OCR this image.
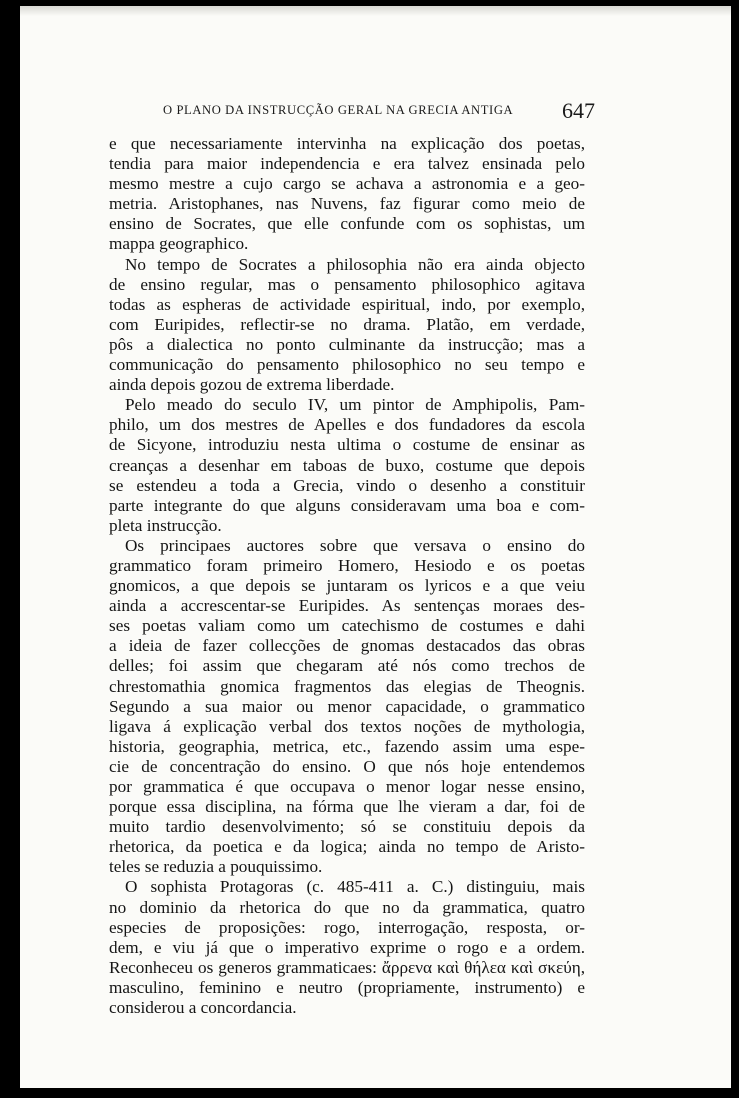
O PLANO DA INSTRUCÇÃO GERAL NA GRECIA ANTIGA 647

e que necessariamente intervinha na explicação dos poetas,
tendia para maior independencia e era talvez ensinada pelo
mesmo mestre a cujo cargo se achava a astronomia e a geo-
metria. Aristophanes, nas Nuvens, faz figurar como meio de
ensino de Socrates, que elle confunde com os sophistas, um
mappa geographico.

No tempo de Socrates a philosophia não era ainda objecto
de ensino regular, mas o pensamento philosophico agitava
todas as espheras de actividade espiritual, indo, por exemplo,
com Euripides, reflectir-se no drama. Platão, em verdade,
pôs a dialectica no ponto culminante da instrucção; mas a
communicação do pensamento philosophico no seu tempo e
ainda depois gozou de extrema liberdade.

Pelo meado do seculo IV, um pintor de Amphipolis, Pam-
philo, um dos mestres de Apelles e dos fundadores da escola
de Sicyone, introduziu nesta ultima o costume de ensinar as
creanças a desenhar em taboas de buxo, costume que depois
se estendeu a toda a Grecia, vindo o desenho a constituir
parte integrante do que alguns consideravam uma boa e com-
pleta instrucção.

Os principaes auctores sobre que versava o ensino do
grammatico foram primeiro Homero, Hesiodo e os poetas
gnomicos, a que depois se juntaram os lyricos e a que veiu
ainda a accrescentar-se Euripides. As sentenças moraes des-
ses poetas valiam como um catechismo de costumes e dahi
a ideia de fazer collecções de gnomas destacados das obras
delles; foi assim que chegaram até nós como trechos de
chrestomathia gnomica fragmentos das elegias de Theognis.
Segundo a sua maior ou menor capacidade, o grammatico
ligava á explicação verbal dos textos noções de mythologia,
historia, geographia, metrica, etc., fazendo assim uma espe-
cie de concentração do ensino. O que nós hoje entendemos
por grammatica é que occupava o menor logar nesse ensino,
porque essa disciplina, na fórma que lhe vieram a dar, foi de
muito tardio desenvolvimento; só se constituiu depois da
rhetorica, da poetica e da logica; ainda no tempo de Aristo-
teles se reduzia a pouquissimo.

O sophista Protagoras (c. 485-411 a. C.) distinguiu, mais
no dominio da rhetorica do que no da grammatica, quatro
especies de proposições: rogo, interrogação, resposta, or-
dem, e viu já que o imperativo exprime o rogo e a ordem.
Reconheceu os generos grammaticaes: ἄρρενα καὶ θήλεα καὶ σκεύη,
masculino, feminino e neutro (propriamente, instrumento) e
considerou a concordancia.
